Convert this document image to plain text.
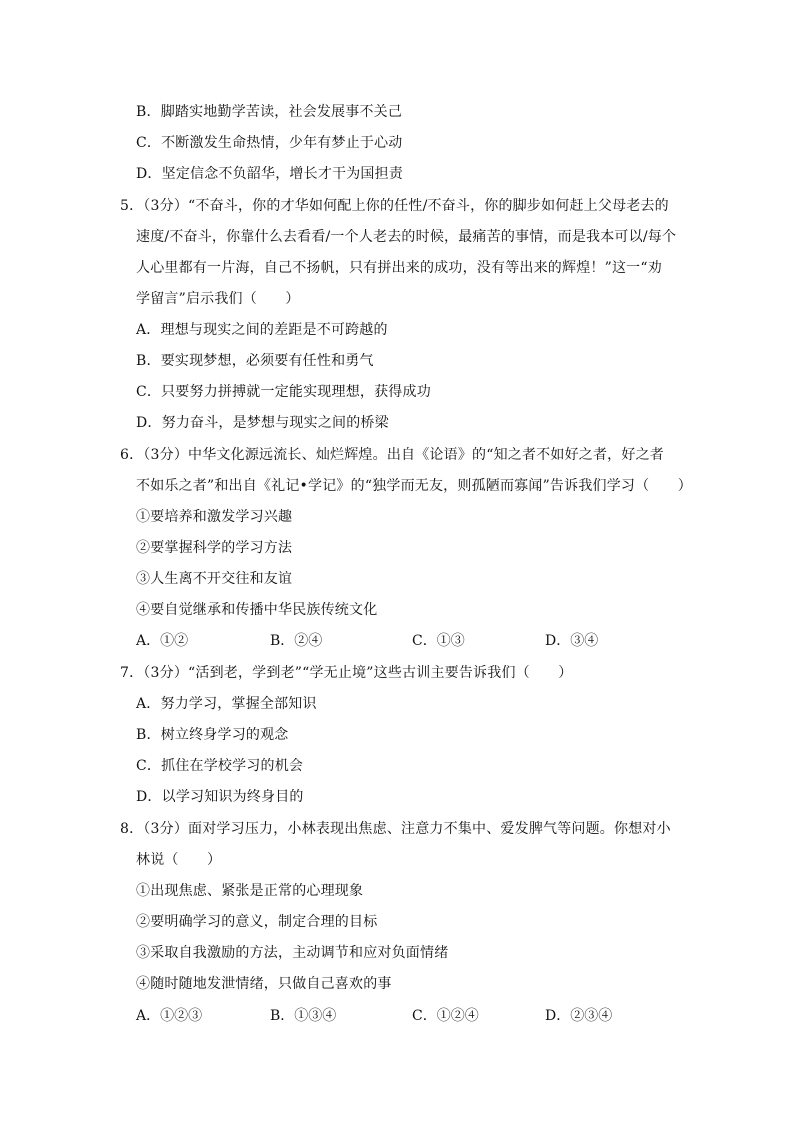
B．脚踏实地勤学苦读，社会发展事不关己
C．不断激发生命热情，少年有梦止于心动
D．坚定信念不负韶华，增长才干为国担责
5．（3分）“不奋斗，你的才华如何配上你的任性/不奋斗，你的脚步如何赶上父母老去的
速度/不奋斗，你靠什么去看看/一个人老去的时候，最痛苦的事情，而是我本可以/每个
人心里都有一片海，自己不扬帆，只有拼出来的成功，没有等出来的辉煌！”这一“劝
学留言”启示我们（　　）
A．理想与现实之间的差距是不可跨越的
B．要实现梦想，必须要有任性和勇气
C．只要努力拼搏就一定能实现理想，获得成功
D．努力奋斗，是梦想与现实之间的桥梁
6．（3分）中华文化源远流长、灿烂辉煌。出自《论语》的“知之者不如好之者，好之者
不如乐之者”和出自《礼记•学记》的“独学而无友，则孤陋而寡闻”告诉我们学习（　　）
①要培养和激发学习兴趣
②要掌握科学的学习方法
③人生离不开交往和友谊
④要自觉继承和传播中华民族传统文化
A．①②	B．②④	C．①③	D．③④
7．（3分）“活到老，学到老”“学无止境”这些古训主要告诉我们（　　）
A．努力学习，掌握全部知识
B．树立终身学习的观念
C．抓住在学校学习的机会
D．以学习知识为终身目的
8．（3分）面对学习压力，小林表现出焦虑、注意力不集中、爱发脾气等问题。你想对小
林说（　　）
①出现焦虑、紧张是正常的心理现象
②要明确学习的意义，制定合理的目标
③采取自我激励的方法，主动调节和应对负面情绪
④随时随地发泄情绪，只做自己喜欢的事
A．①②③	B．①③④	C．①②④	D．②③④
